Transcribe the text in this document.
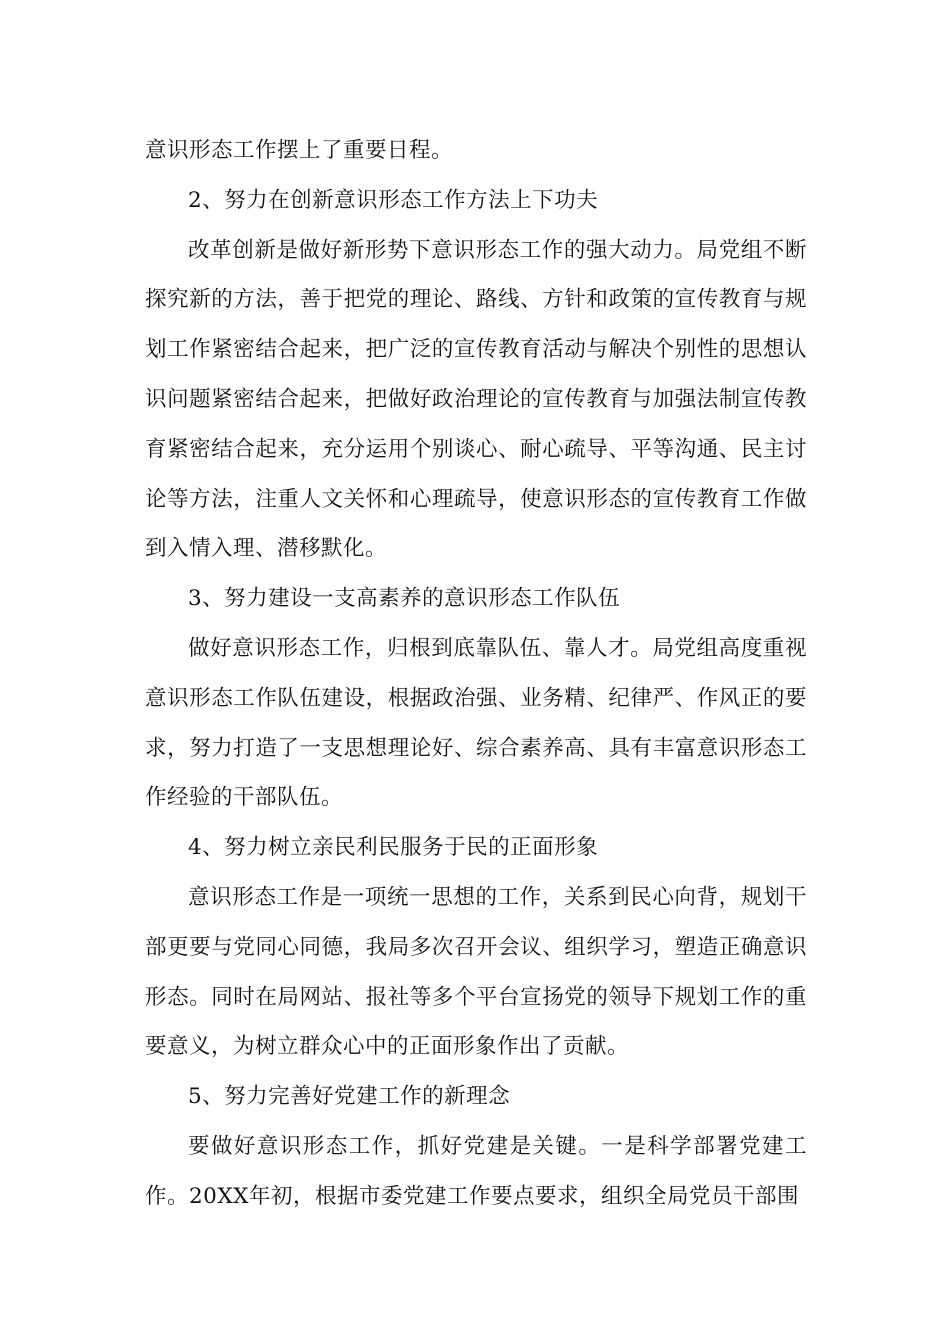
意识形态工作摆上了重要日程。

2、努力在创新意识形态工作方法上下功夫

改革创新是做好新形势下意识形态工作的强大动力。局党组不断探究新的方法，善于把党的理论、路线、方针和政策的宣传教育与规划工作紧密结合起来，把广泛的宣传教育活动与解决个别性的思想认识问题紧密结合起来，把做好政治理论的宣传教育与加强法制宣传教育紧密结合起来，充分运用个别谈心、耐心疏导、平等沟通、民主讨论等方法，注重人文关怀和心理疏导，使意识形态的宣传教育工作做到入情入理、潜移默化。

3、努力建设一支高素养的意识形态工作队伍

做好意识形态工作，归根到底靠队伍、靠人才。局党组高度重视意识形态工作队伍建设，根据政治强、业务精、纪律严、作风正的要求，努力打造了一支思想理论好、综合素养高、具有丰富意识形态工作经验的干部队伍。

4、努力树立亲民利民服务于民的正面形象

意识形态工作是一项统一思想的工作，关系到民心向背，规划干部更要与党同心同德，我局多次召开会议、组织学习，塑造正确意识形态。同时在局网站、报社等多个平台宣扬党的领导下规划工作的重要意义，为树立群众心中的正面形象作出了贡献。

5、努力完善好党建工作的新理念

要做好意识形态工作，抓好党建是关键。一是科学部署党建工作。20XX年初，根据市委党建工作要点要求，组织全局党员干部围
